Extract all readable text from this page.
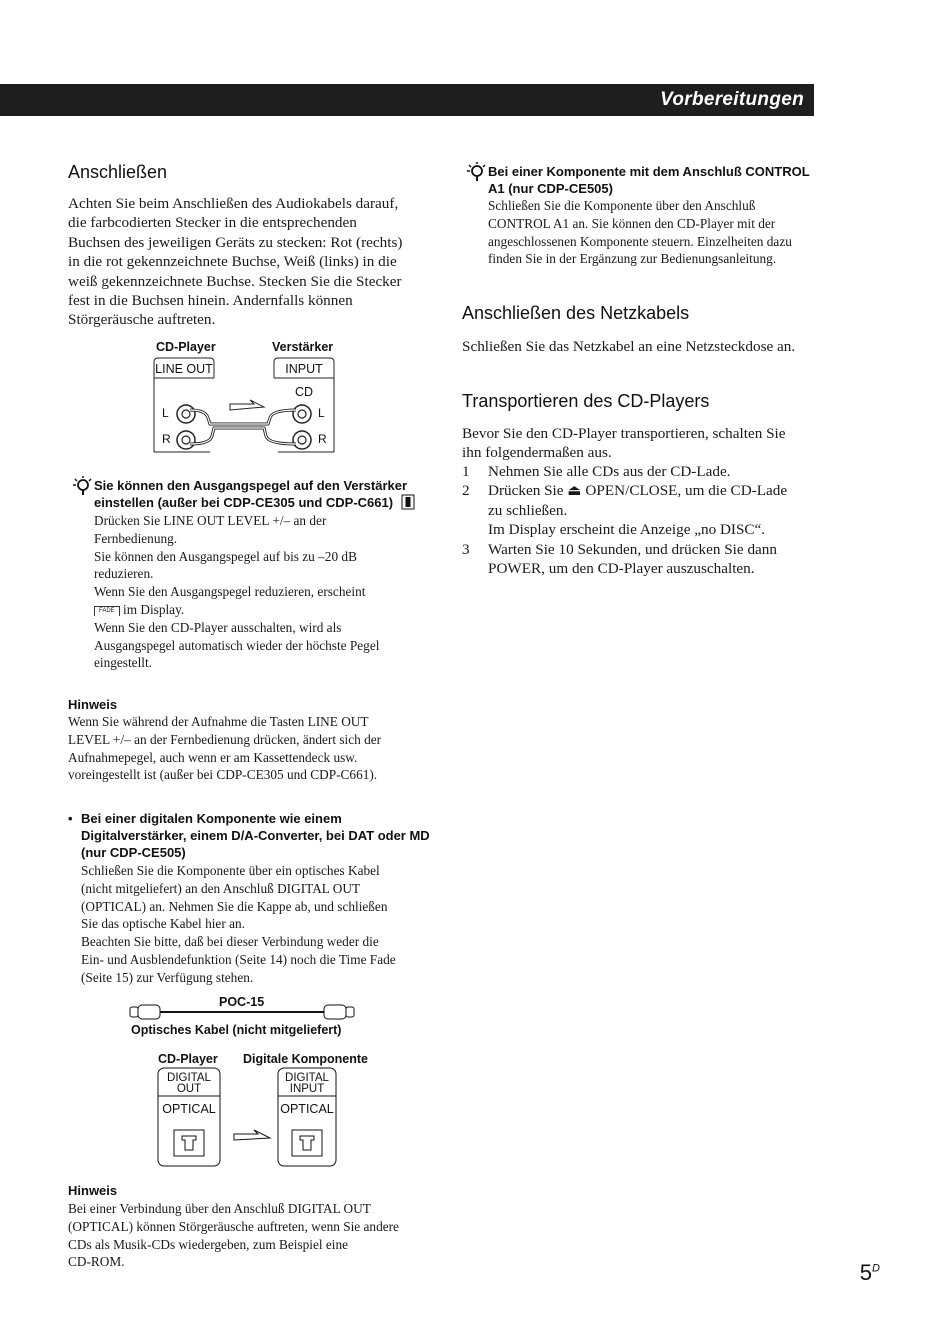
Vorbereitungen
Anschließen
Achten Sie beim Anschließen des Audiokabels darauf,
die farbcodierten Stecker in die entsprechenden
Buchsen des jeweiligen Geräts zu stecken: Rot (rechts)
in die rot gekennzeichnete Buchse, Weiß (links) in die
weiß gekennzeichnete Buchse. Stecken Sie die Stecker
fest in die Buchsen hinein. Andernfalls können
Störgeräusche auftreten.
CD-Player	Verstärker
LINE OUT
L
R
INPUT
CD
L
R
Sie können den Ausgangspegel auf den Verstärker
einstellen (außer bei CDP-CE305 und CDP-C661)
Drücken Sie LINE OUT LEVEL +/– an der
Fernbedienung.
Sie können den Ausgangspegel auf bis zu –20 dB
reduzieren.
Wenn Sie den Ausgangspegel reduzieren, erscheint
FADE im Display.
Wenn Sie den CD-Player ausschalten, wird als
Ausgangspegel automatisch wieder der höchste Pegel
eingestellt.
Hinweis
Wenn Sie während der Aufnahme die Tasten LINE OUT
LEVEL +/– an der Fernbedienung drücken, ändert sich der
Aufnahmepegel, auch wenn er am Kassettendeck usw.
voreingestellt ist (außer bei CDP-CE305 und CDP-C661).
• Bei einer digitalen Komponente wie einem
Digitalverstärker, einem D/A-Converter, bei DAT oder MD
(nur CDP-CE505)
Schließen Sie die Komponente über ein optisches Kabel
(nicht mitgeliefert) an den Anschluß DIGITAL OUT
(OPTICAL) an. Nehmen Sie die Kappe ab, und schließen
Sie das optische Kabel hier an.
Beachten Sie bitte, daß bei dieser Verbindung weder die
Ein- und Ausblendefunktion (Seite 14) noch die Time Fade
(Seite 15) zur Verfügung stehen.
POC-15
Optisches Kabel (nicht mitgeliefert)
CD-Player Digitale Komponente
DIGITAL
OUT
OPTICAL
DIGITAL
INPUT
OPTICAL
Hinweis
Bei einer Verbindung über den Anschluß DIGITAL OUT
(OPTICAL) können Störgeräusche auftreten, wenn Sie andere
CDs als Musik-CDs wiedergeben, zum Beispiel eine
CD-ROM.
Bei einer Komponente mit dem Anschluß CONTROL
A1 (nur CDP-CE505)
Schließen Sie die Komponente über den Anschluß
CONTROL A1 an. Sie können den CD-Player mit der
angeschlossenen Komponente steuern. Einzelheiten dazu
finden Sie in der Ergänzung zur Bedienungsanleitung.
Anschließen des Netzkabels
Schließen Sie das Netzkabel an eine Netzsteckdose an.
Transportieren des CD-Players
Bevor Sie den CD-Player transportieren, schalten Sie
ihn folgendermaßen aus.
1 Nehmen Sie alle CDs aus der CD-Lade.
2 Drücken Sie ⏏ OPEN/CLOSE, um die CD-Lade
zu schließen.
Im Display erscheint die Anzeige „no DISC“.
3 Warten Sie 10 Sekunden, und drücken Sie dann
POWER, um den CD-Player auszuschalten.
$5^D$
